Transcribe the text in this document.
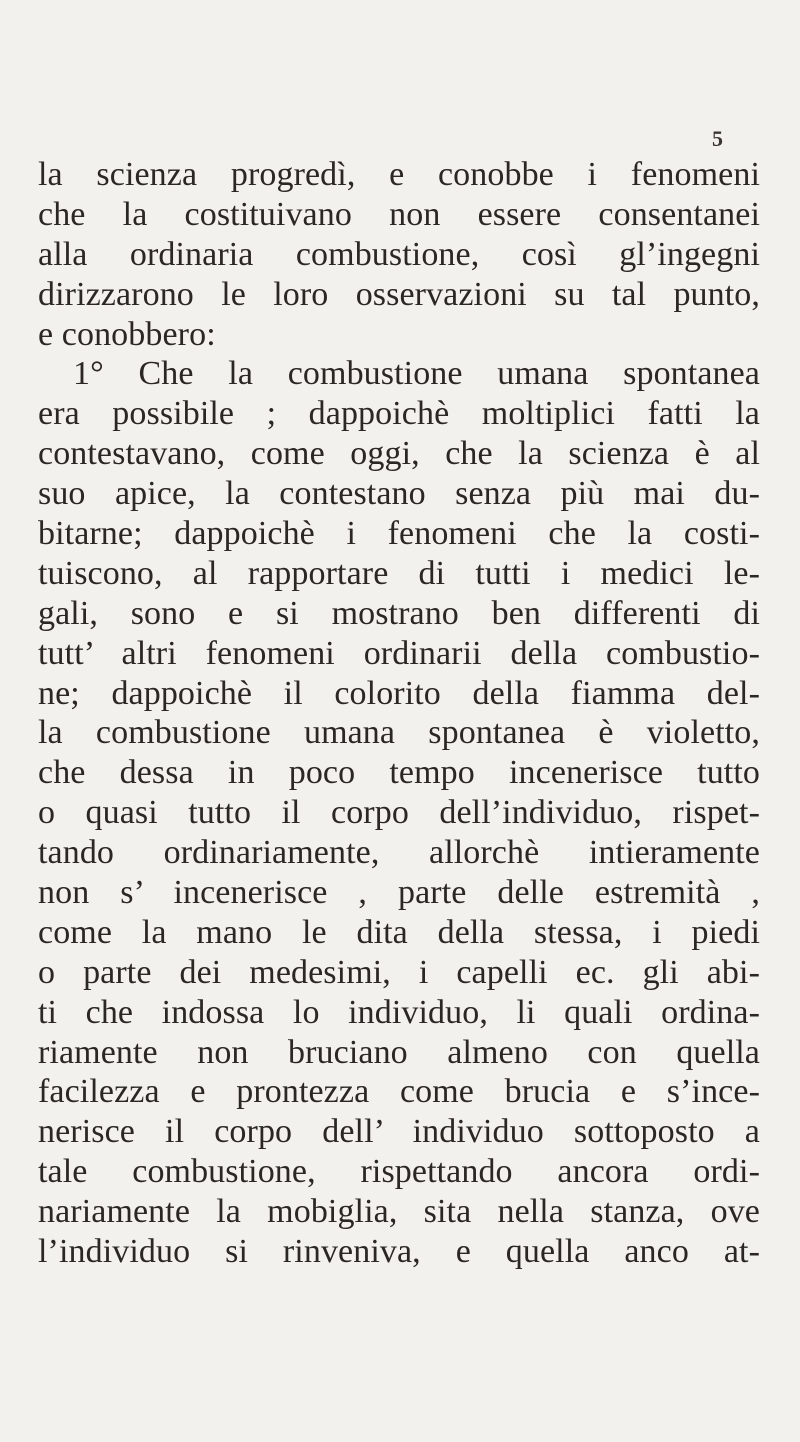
5
la scienza progredì, e conobbe i fenomeni
che la costituivano non essere consentanei
alla ordinaria combustione, così gl’ingegni
dirizzarono le loro osservazioni su tal punto,
e conobbero:
1° Che la combustione umana spontanea
era possibile ; dappoichè moltiplici fatti la
contestavano, come oggi, che la scienza è al
suo apice, la contestano senza più mai du-
bitarne; dappoichè i fenomeni che la costi-
tuiscono, al rapportare di tutti i medici le-
gali, sono e si mostrano ben differenti di
tutt’ altri fenomeni ordinarii della combustio-
ne; dappoichè il colorito della fiamma del-
la combustione umana spontanea è violetto,
che dessa in poco tempo incenerisce tutto
o quasi tutto il corpo dell’individuo, rispet-
tando ordinariamente, allorchè intieramente
non s’ incenerisce , parte delle estremità ,
come la mano le dita della stessa, i piedi
o parte dei medesimi, i capelli ec. gli abi-
ti che indossa lo individuo, li quali ordina-
riamente non bruciano almeno con quella
facilezza e prontezza come brucia e s’ince-
nerisce il corpo dell’ individuo sottoposto a
tale combustione, rispettando ancora ordi-
nariamente la mobiglia, sita nella stanza, ove
l’individuo si rinveniva, e quella anco at-
